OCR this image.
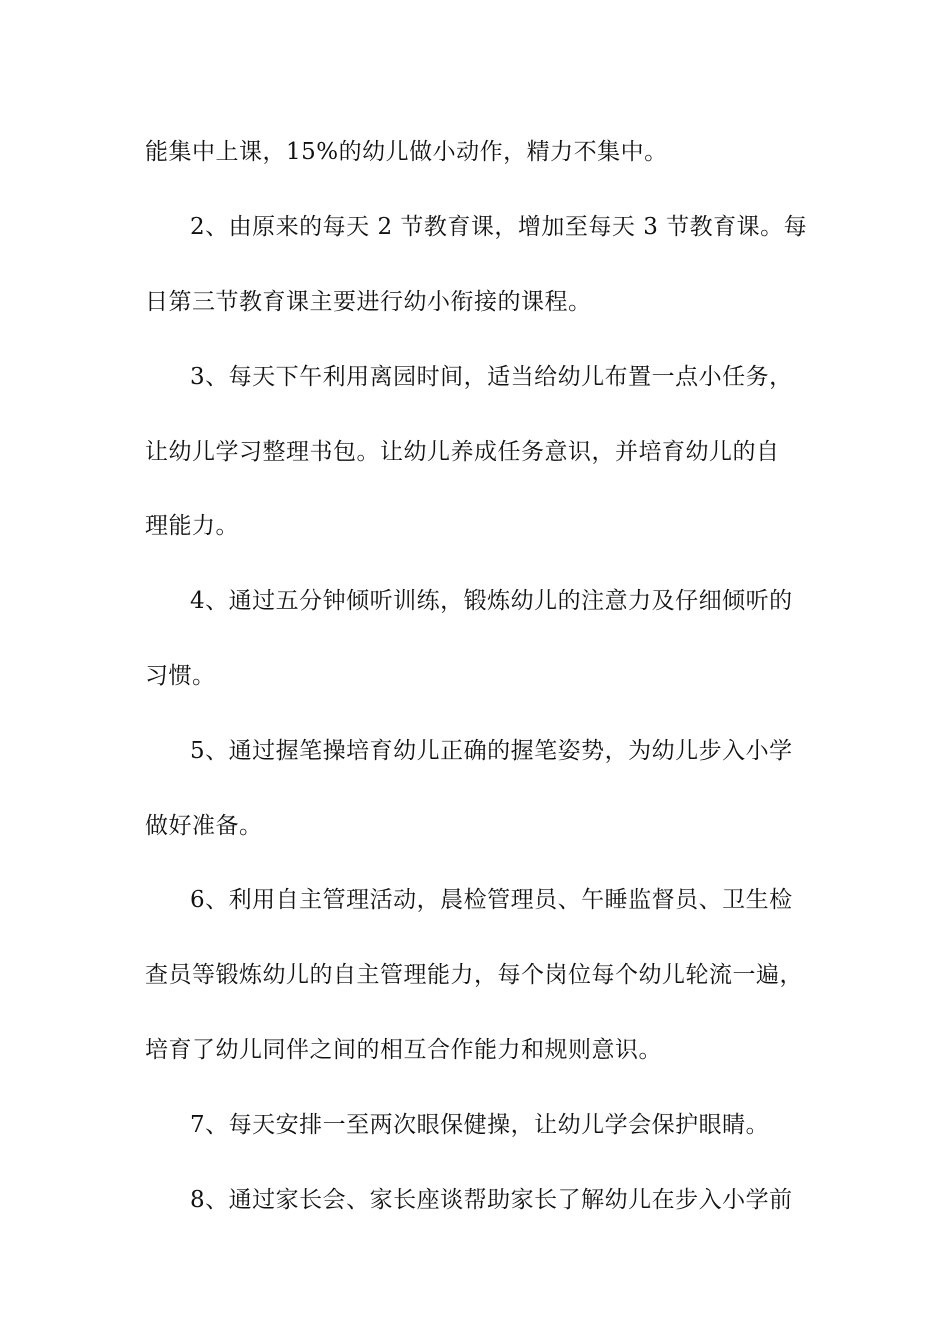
能集中上课，15%的幼儿做小动作，精力不集中。
2、由原来的每天 2 节教育课，增加至每天 3 节教育课。每
日第三节教育课主要进行幼小衔接的课程。
3、每天下午利用离园时间，适当给幼儿布置一点小任务，
让幼儿学习整理书包。让幼儿养成任务意识，并培育幼儿的自
理能力。
4、通过五分钟倾听训练，锻炼幼儿的注意力及仔细倾听的
习惯。
5、通过握笔操培育幼儿正确的握笔姿势，为幼儿步入小学
做好准备。
6、利用自主管理活动，晨检管理员、午睡监督员、卫生检
查员等锻炼幼儿的自主管理能力，每个岗位每个幼儿轮流一遍，
培育了幼儿同伴之间的相互合作能力和规则意识。
7、每天安排一至两次眼保健操，让幼儿学会保护眼睛。
8、通过家长会、家长座谈帮助家长了解幼儿在步入小学前
